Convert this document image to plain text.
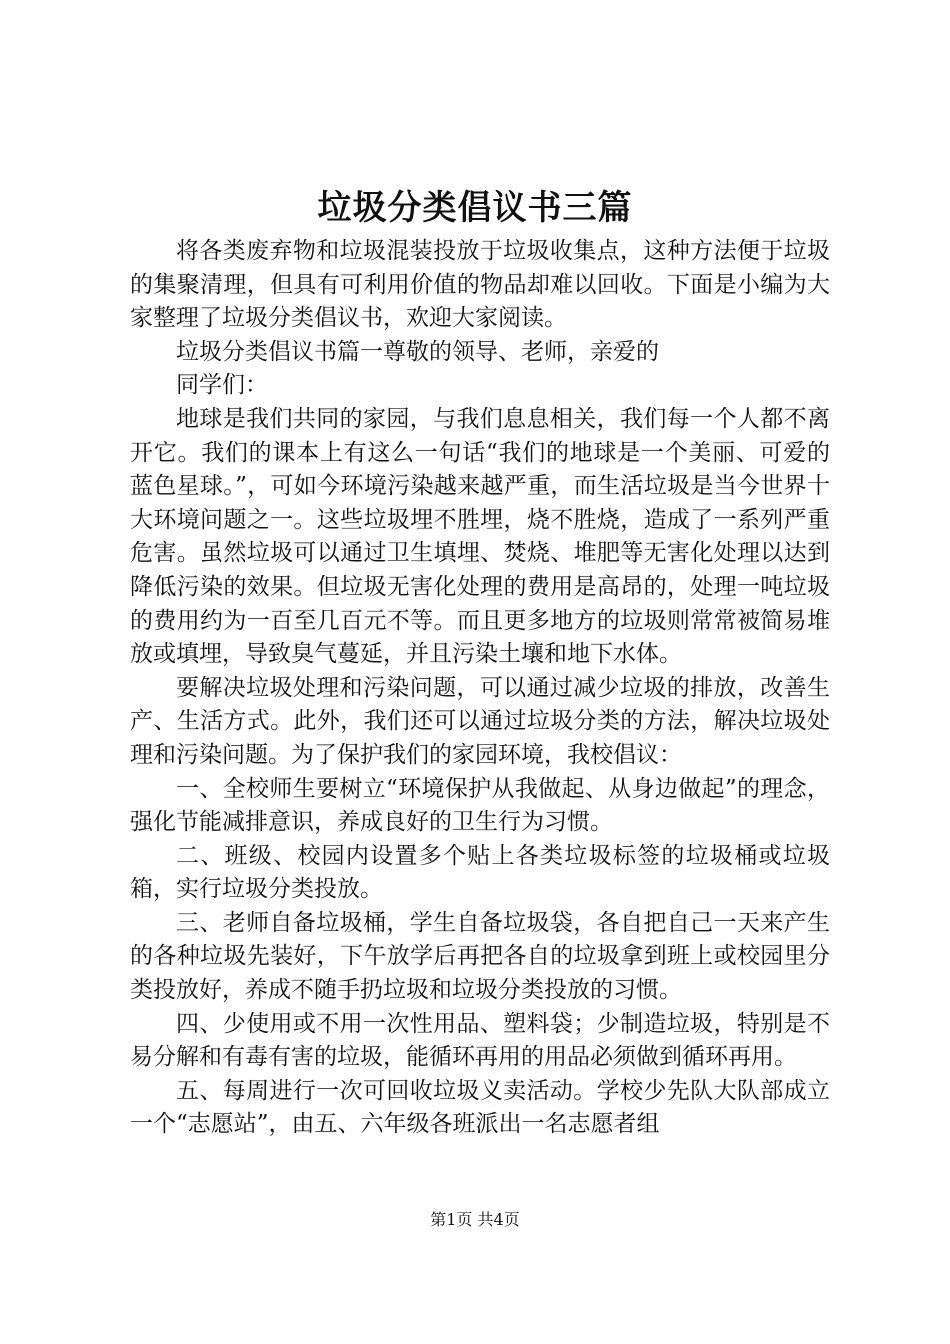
垃圾分类倡议书三篇

将各类废弃物和垃圾混装投放于垃圾收集点，这种方法便于垃圾的集聚清理，但具有可利用价值的物品却难以回收。下面是小编为大家整理了垃圾分类倡议书，欢迎大家阅读。

垃圾分类倡议书篇一尊敬的领导、老师，亲爱的

同学们：

地球是我们共同的家园，与我们息息相关，我们每一个人都不离开它。我们的课本上有这么一句话“我们的地球是一个美丽、可爱的蓝色星球。”，可如今环境污染越来越严重，而生活垃圾是当今世界十大环境问题之一。这些垃圾埋不胜埋，烧不胜烧，造成了一系列严重危害。虽然垃圾可以通过卫生填埋、焚烧、堆肥等无害化处理以达到降低污染的效果。但垃圾无害化处理的费用是高昂的，处理一吨垃圾的费用约为一百至几百元不等。而且更多地方的垃圾则常常被简易堆放或填埋，导致臭气蔓延，并且污染土壤和地下水体。

要解决垃圾处理和污染问题，可以通过减少垃圾的排放，改善生产、生活方式。此外，我们还可以通过垃圾分类的方法，解决垃圾处理和污染问题。为了保护我们的家园环境，我校倡议：

一、全校师生要树立“环境保护从我做起、从身边做起”的理念，强化节能减排意识，养成良好的卫生行为习惯。

二、班级、校园内设置多个贴上各类垃圾标签的垃圾桶或垃圾箱，实行垃圾分类投放。

三、老师自备垃圾桶，学生自备垃圾袋，各自把自己一天来产生的各种垃圾先装好，下午放学后再把各自的垃圾拿到班上或校园里分类投放好，养成不随手扔垃圾和垃圾分类投放的习惯。

四、少使用或不用一次性用品、塑料袋；少制造垃圾，特别是不易分解和有毒有害的垃圾，能循环再用的用品必须做到循环再用。

五、每周进行一次可回收垃圾义卖活动。学校少先队大队部成立一个“志愿站”，由五、六年级各班派出一名志愿者组

第1页 共4页
